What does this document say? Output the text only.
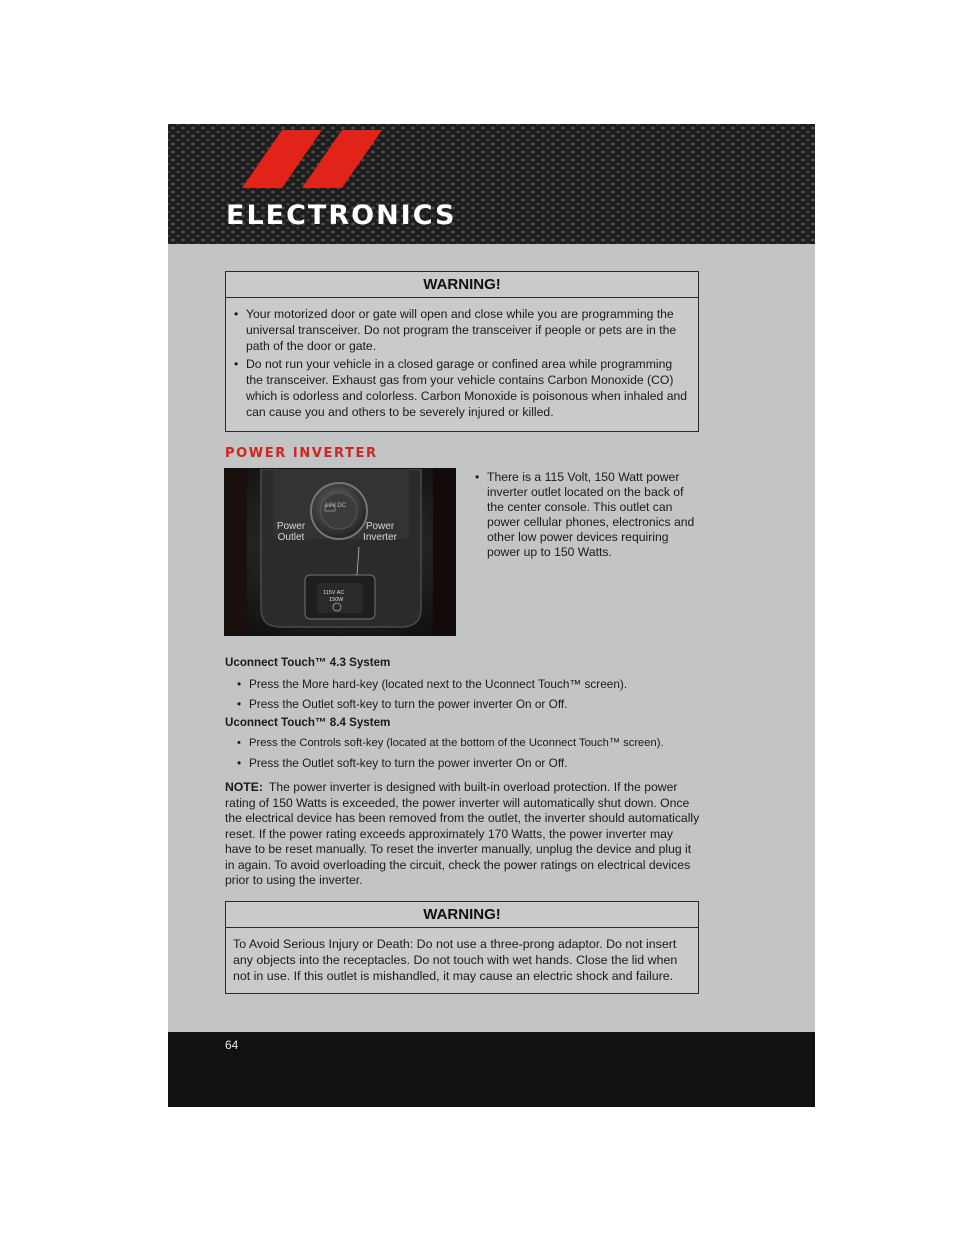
ELECTRONICS
WARNING!
• Your motorized door or gate will open and close while you are programming the universal transceiver. Do not program the transceiver if people or pets are in the path of the door or gate.
• Do not run your vehicle in a closed garage or confined area while programming the transceiver. Exhaust gas from your vehicle contains Carbon Monoxide (CO) which is odorless and colorless. Carbon Monoxide is poisonous when inhaled and can cause you and others to be severely injured or killed.
POWER INVERTER
12V DC
115V AC
150W
Power Outlet
Power Inverter
• There is a 115 Volt, 150 Watt power inverter outlet located on the back of the center console. This outlet can power cellular phones, electronics and other low power devices requiring power up to 150 Watts.
Uconnect Touch™ 4.3 System
• Press the More hard-key (located next to the Uconnect Touch™ screen).
• Press the Outlet soft-key to turn the power inverter On or Off.
Uconnect Touch™ 8.4 System
• Press the Controls soft-key (located at the bottom of the Uconnect Touch™ screen).
• Press the Outlet soft-key to turn the power inverter On or Off.
NOTE: The power inverter is designed with built-in overload protection. If the power rating of 150 Watts is exceeded, the power inverter will automatically shut down. Once the electrical device has been removed from the outlet, the inverter should automatically reset. If the power rating exceeds approximately 170 Watts, the power inverter may have to be reset manually. To reset the inverter manually, unplug the device and plug it in again. To avoid overloading the circuit, check the power ratings on electrical devices prior to using the inverter.
WARNING!

To Avoid Serious Injury or Death: Do not use a three-prong adaptor. Do not insert any objects into the receptacles. Do not touch with wet hands. Close the lid when not in use. If this outlet is mishandled, it may cause an electric shock and failure.

64
